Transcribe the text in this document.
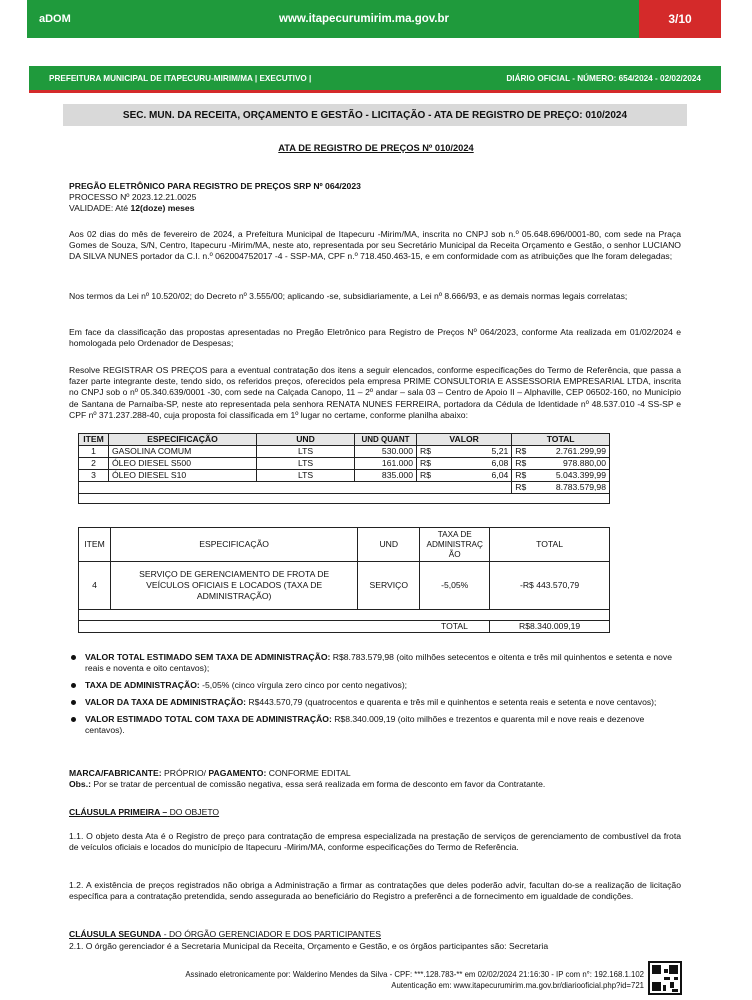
aDOM	www.itapecurumirim.ma.gov.br	3/10
PREFEITURA MUNICIPAL DE ITAPECURU-MIRIM/MA | EXECUTIVO |	DIÁRIO OFICIAL - NÚMERO: 654/2024 - 02/02/2024
SEC. MUN. DA RECEITA, ORÇAMENTO E GESTÃO - LICITAÇÃO - ATA DE REGISTRO DE PREÇO: 010/2024
ATA DE REGISTRO DE PREÇOS Nº 010/2024
PREGÃO ELETRÔNICO PARA REGISTRO DE PREÇOS SRP Nº 064/2023
PROCESSO Nº 2023.12.21.0025
VALIDADE: Até 12(doze) meses
Aos 02 dias do mês de fevereiro de 2024, a Prefeitura Municipal de Itapecuru -Mirim/MA, inscrita no CNPJ sob n.º 05.648.696/0001-80, com sede na Praça Gomes de Souza, S/N, Centro, Itapecuru -Mirim/MA, neste ato, representada por seu Secretário Municipal da Receita Orçamento e Gestão, o senhor LUCIANO DA SILVA NUNES portador da C.I. n.º 062004752017 -4 - SSP-MA, CPF n.º 718.450.463-15, e em conformidade com as atribuições que lhe foram delegadas;
Nos termos da Lei nº 10.520/02; do Decreto nº 3.555/00; aplicando -se, subsidiariamente, a Lei nº 8.666/93, e as demais normas legais correlatas;
Em face da classificação das propostas apresentadas no Pregão Eletrônico para Registro de Preços Nº 064/2023, conforme Ata realizada em 01/02/2024 e homologada pelo Ordenador de Despesas;
Resolve REGISTRAR OS PREÇOS para a eventual contratação dos itens a seguir elencados, conforme especificações do Termo de Referência, que passa a fazer parte integrante deste, tendo sido, os referidos preços, oferecidos pela empresa PRIME CONSULTORIA E ASSESSORIA EMPRESARIAL LTDA, inscrita no CNPJ sob o nº 05.340.639/0001 -30, com sede na Calçada Canopo, 11 – 2º andar – sala 03 – Centro de Apoio II – Alphaville, CEP 06502-160, no Município de Santana de Parnaíba-SP, neste ato representada pela senhora RENATA NUNES FERREIRA, portadora da Cédula de Identidade nº 48.537.010 -4 SS-SP e CPF nº 371.237.288-40, cuja proposta foi classificada em 1º lugar no certame, conforme planilha abaixo:
ITEM	ESPECIFICAÇÃO	UND	UND QUANT	VALOR		TOTAL	
1	GASOLINA COMUM	LTS	530.000	R$	5,21	R$	2.761.299,99
2	ÓLEO DIESEL S500	LTS	161.000	R$	6,08	R$	978.880,00
3	ÓLEO DIESEL S10	LTS	835.000	R$	6,04	R$	5.043.399,99
						R$	8.783.579,98

ITEM	ESPECIFICAÇÃO	UND	TAXA DE ADMINISTRAÇ ÃO	TOTAL
4	SERVIÇO DE GERENCIAMENTO DE FROTA DE VEÍCULOS OFICIAIS E LOCADOS (TAXA DE ADMINISTRAÇÃO)	SERVIÇO	-5,05%	-R$ 443.570,79

			TOTAL	R$8.340.009,19
VALOR TOTAL ESTIMADO SEM TAXA DE ADMINISTRAÇÃO: R$8.783.579,98 (oito milhões setecentos e oitenta e três mil quinhentos e setenta e nove reais e noventa e oito centavos);
TAXA DE ADMINISTRAÇÃO: -5,05% (cinco vírgula zero cinco por cento negativos);
VALOR DA TAXA DE ADMINISTRAÇÃO: R$443.570,79 (quatrocentos e quarenta e três mil e quinhentos e setenta reais e setenta e nove centavos);
VALOR ESTIMADO TOTAL COM TAXA DE ADMINISTRAÇÃO: R$8.340.009,19 (oito milhões e trezentos e quarenta mil e nove reais e dezenove centavos).
MARCA/FABRICANTE: PRÓPRIO/ PAGAMENTO: CONFORME EDITAL
Obs.: Por se tratar de percentual de comissão negativa, essa será realizada em forma de desconto em favor da Contratante.
CLÁUSULA PRIMEIRA – DO OBJETO
1.1. O objeto desta Ata é o Registro de preço para contratação de empresa especializada na prestação de serviços de gerenciamento de combustível da frota de veículos oficiais e locados do município de Itapecuru -Mirim/MA, conforme especificações do Termo de Referência.
1.2. A existência de preços registrados não obriga a Administração a firmar as contratações que deles poderão advir, facultan do-se a realização de licitação específica para a contratação pretendida, sendo assegurada ao beneficiário do Registro a preferênci a de fornecimento em igualdade de condições.
CLÁUSULA SEGUNDA - DO ÓRGÃO GERENCIADOR E DOS PARTICIPANTES
2.1. O órgão gerenciador é a Secretaria Municipal da Receita, Orçamento e Gestão, e os órgãos participantes são: Secretaria
Assinado eletronicamente por: Walderino Mendes da Silva - CPF: ***.128.783-** em 02/02/2024 21:16:30 - IP com n°: 192.168.1.102
Autenticação em: www.itapecurumirim.ma.gov.br/diariooficial.php?id=721
